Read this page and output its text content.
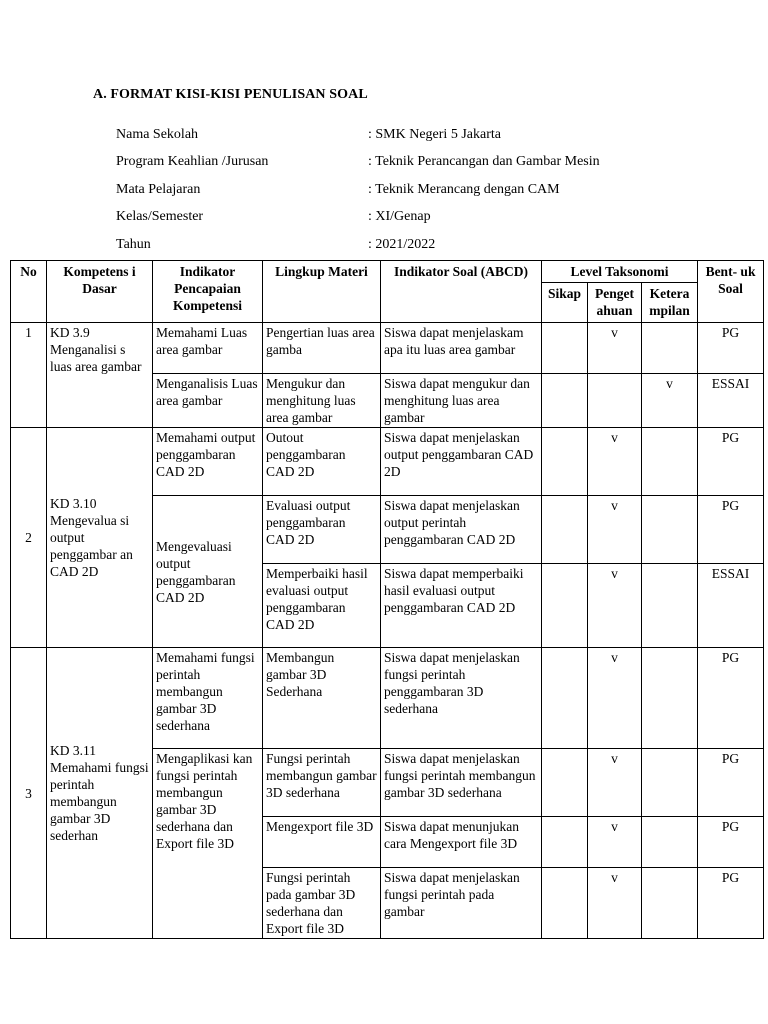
A. FORMAT KISI-KISI PENULISAN SOAL
Nama Sekolah	: SMK Negeri 5 Jakarta
Program Keahlian /Jurusan	: Teknik Perancangan dan Gambar Mesin
Mata Pelajaran	: Teknik Merancang dengan CAM
Kelas/Semester	: XI/Genap
Tahun	: 2021/2022
No	Kompetens i Dasar	Indikator Pencapaian Kompetensi	Lingkup Materi	Indikator Soal (ABCD)	Level Taksonomi			Bent- uk Soal
					Sikap	Penget ahuan	Ketera mpilan	
1	KD 3.9 Menganalisi s luas area gambar	Memahami Luas area gambar	Pengertian luas area gamba	Siswa dapat menjelaskam apa itu luas area gambar		v		PG
		Menganalisis Luas area gambar	Mengukur dan menghitung luas area gambar	Siswa dapat mengukur dan menghitung luas area gambar			v	ESSAI
2	KD 3.10 Mengevalua si output penggambar an CAD 2D	Memahami output penggambaran CAD 2D	Outout penggambaran CAD 2D	Siswa dapat menjelaskan output penggambaran CAD 2D		v		PG
		Mengevaluasi output penggambaran CAD 2D	Evaluasi output penggambaran CAD 2D	Siswa dapat menjelaskan output perintah penggambaran CAD 2D		v		PG
			Memperbaiki hasil evaluasi output penggambaran CAD 2D	Siswa dapat memperbaiki hasil evaluasi output penggambaran CAD 2D		v		ESSAI
3	KD 3.11 Memahami fungsi perintah membangun gambar 3D sederhan	Memahami fungsi perintah membangun gambar 3D sederhana	Membangun gambar 3D Sederhana	Siswa dapat menjelaskan fungsi perintah penggambaran 3D sederhana		v		PG
		Mengaplikasi kan fungsi perintah membangun gambar 3D sederhana dan Export file 3D	Fungsi perintah membangun gambar 3D sederhana	Siswa dapat menjelaskan fungsi perintah membangun gambar 3D sederhana		v		PG
			Mengexport file 3D	Siswa dapat menunjukan cara Mengexport file 3D		v		PG
			Fungsi perintah pada gambar 3D sederhana dan Export file 3D	Siswa dapat menjelaskan fungsi perintah pada gambar		v		PG
